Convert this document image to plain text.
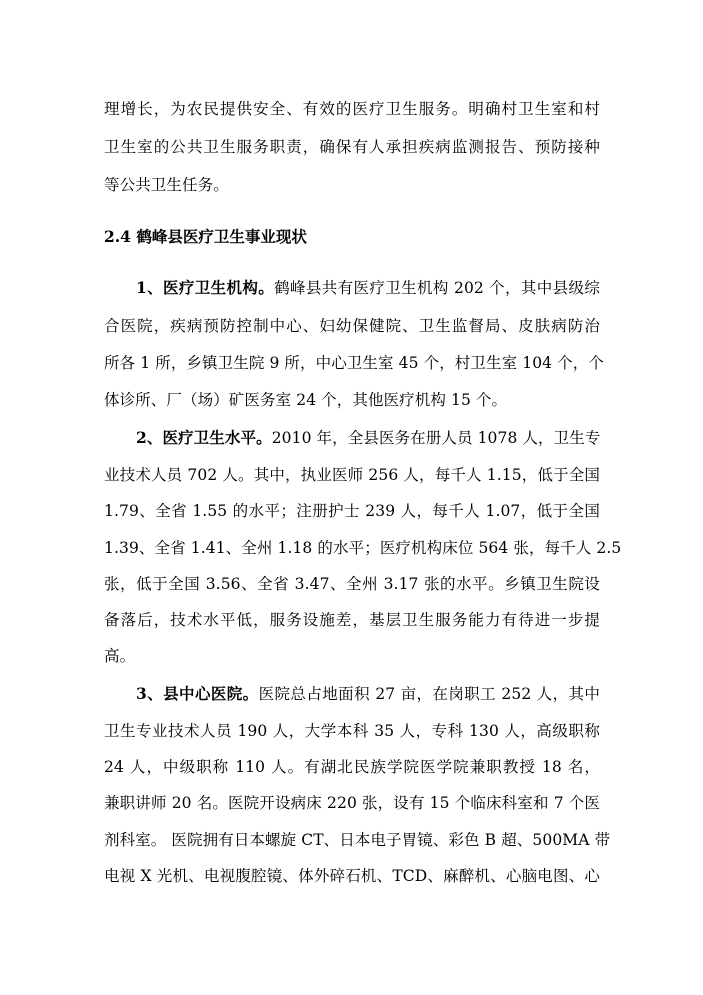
理增长，为农民提供安全、有效的医疗卫生服务。明确村卫生室和村
卫生室的公共卫生服务职责，确保有人承担疾病监测报告、预防接种
等公共卫生任务。
2.4 鹤峰县医疗卫生事业现状
1、医疗卫生机构。鹤峰县共有医疗卫生机构 202 个，其中县级综
合医院，疾病预防控制中心、妇幼保健院、卫生监督局、皮肤病防治
所各 1 所，乡镇卫生院 9 所，中心卫生室 45 个，村卫生室 104 个，个
体诊所、厂（场）矿医务室 24 个，其他医疗机构 15 个。
2、医疗卫生水平。2010 年，全县医务在册人员 1078 人，卫生专
业技术人员 702 人。其中，执业医师 256 人，每千人 1.15，低于全国
1.79、全省 1.55 的水平；注册护士 239 人，每千人 1.07，低于全国
1.39、全省 1.41、全州 1.18 的水平；医疗机构床位 564 张，每千人 2.5
张，低于全国 3.56、全省 3.47、全州 3.17 张的水平。乡镇卫生院设
备落后，技术水平低，服务设施差，基层卫生服务能力有待进一步提
高。
3、县中心医院。医院总占地面积 27 亩，在岗职工 252 人，其中
卫生专业技术人员 190 人，大学本科 35 人，专科 130 人，高级职称
24 人，中级职称 110 人。有湖北民族学院医学院兼职教授 18 名，
兼职讲师 20 名。医院开设病床 220 张，设有 15 个临床科室和 7 个医
剂科室。 医院拥有日本螺旋 CT、日本电子胃镜、彩色 B 超、500MA 带
电视 X 光机、电视腹腔镜、体外碎石机、TCD、麻醉机、心脑电图、心
